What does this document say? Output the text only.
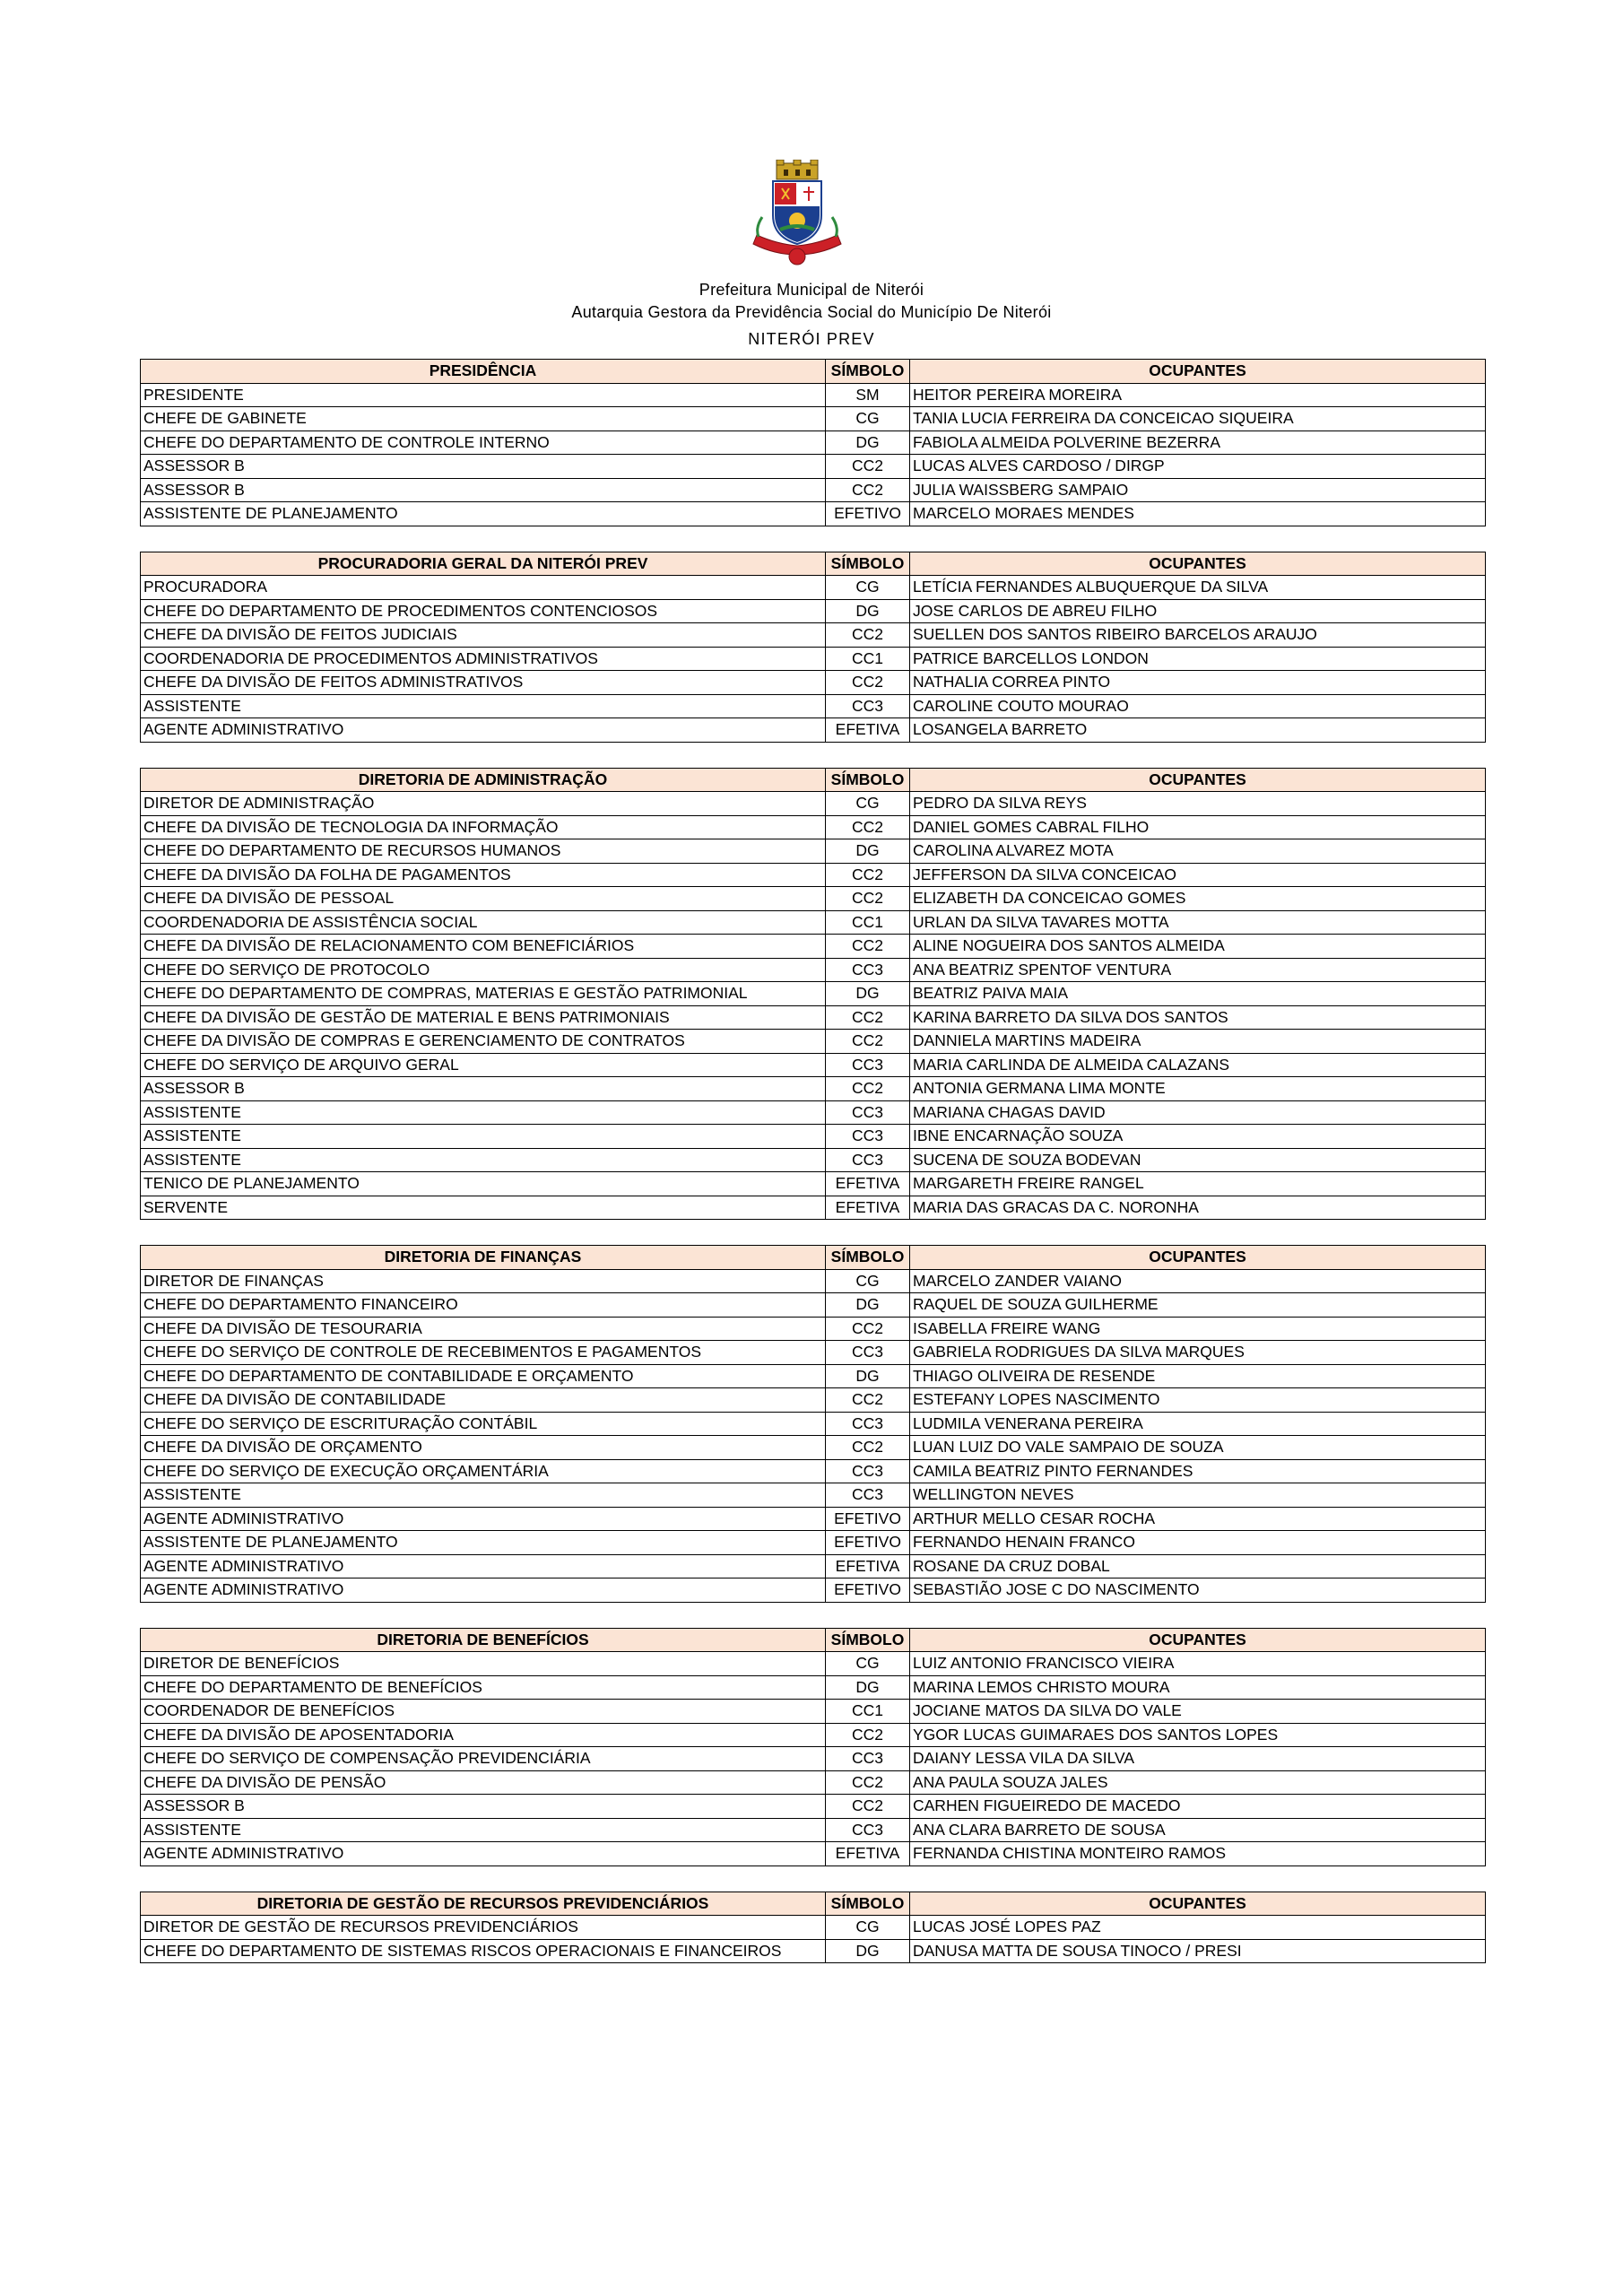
Prefeitura Municipal de Niterói
Autarquia Gestora da Previdência Social do Município De Niterói
NITERÓI PREV
PRESIDÊNCIA	SÍMBOLO	OCUPANTES
PRESIDENTE	SM	HEITOR PEREIRA MOREIRA
CHEFE DE GABINETE	CG	TANIA LUCIA FERREIRA DA CONCEICAO SIQUEIRA
CHEFE DO DEPARTAMENTO DE CONTROLE INTERNO	DG	FABIOLA ALMEIDA POLVERINE BEZERRA
ASSESSOR B	CC2	LUCAS ALVES CARDOSO / DIRGP
ASSESSOR B	CC2	JULIA WAISSBERG SAMPAIO
ASSISTENTE DE PLANEJAMENTO	EFETIVO	MARCELO MORAES MENDES
PROCURADORIA GERAL DA NITERÓI PREV	SÍMBOLO	OCUPANTES
PROCURADORA	CG	LETÍCIA FERNANDES ALBUQUERQUE DA SILVA
CHEFE DO DEPARTAMENTO DE PROCEDIMENTOS CONTENCIOSOS	DG	JOSE CARLOS DE ABREU FILHO
CHEFE DA DIVISÃO DE FEITOS JUDICIAIS	CC2	SUELLEN DOS SANTOS RIBEIRO BARCELOS ARAUJO
COORDENADORIA DE PROCEDIMENTOS ADMINISTRATIVOS	CC1	PATRICE BARCELLOS LONDON
CHEFE DA DIVISÃO DE FEITOS ADMINISTRATIVOS	CC2	NATHALIA CORREA PINTO
ASSISTENTE	CC3	CAROLINE COUTO MOURAO
AGENTE ADMINISTRATIVO	EFETIVA	LOSANGELA BARRETO
DIRETORIA DE ADMINISTRAÇÃO	SÍMBOLO	OCUPANTES
DIRETOR DE ADMINISTRAÇÃO	CG	PEDRO DA SILVA REYS
CHEFE DA DIVISÃO DE TECNOLOGIA DA INFORMAÇÃO	CC2	DANIEL GOMES CABRAL FILHO
CHEFE DO DEPARTAMENTO DE RECURSOS HUMANOS	DG	CAROLINA ALVAREZ MOTA
CHEFE DA DIVISÃO DA FOLHA DE PAGAMENTOS	CC2	JEFFERSON DA SILVA CONCEICAO
CHEFE DA DIVISÃO DE PESSOAL	CC2	ELIZABETH DA CONCEICAO GOMES
COORDENADORIA DE ASSISTÊNCIA SOCIAL	CC1	URLAN DA SILVA TAVARES MOTTA
CHEFE DA DIVISÃO DE RELACIONAMENTO COM BENEFICIÁRIOS	CC2	ALINE NOGUEIRA DOS SANTOS ALMEIDA
CHEFE DO SERVIÇO DE PROTOCOLO	CC3	ANA BEATRIZ SPENTOF VENTURA
CHEFE DO DEPARTAMENTO DE COMPRAS, MATERIAS E GESTÃO PATRIMONIAL	DG	BEATRIZ PAIVA MAIA
CHEFE DA DIVISÃO DE GESTÃO DE MATERIAL E BENS PATRIMONIAIS	CC2	KARINA BARRETO DA SILVA DOS SANTOS
CHEFE DA DIVISÃO DE COMPRAS E GERENCIAMENTO DE CONTRATOS	CC2	DANNIELA MARTINS MADEIRA
CHEFE DO SERVIÇO DE ARQUIVO GERAL	CC3	MARIA CARLINDA DE ALMEIDA CALAZANS
ASSESSOR B	CC2	ANTONIA GERMANA LIMA MONTE
ASSISTENTE	CC3	MARIANA CHAGAS DAVID
ASSISTENTE	CC3	IBNE ENCARNAÇÃO SOUZA
ASSISTENTE	CC3	SUCENA DE SOUZA BODEVAN
TENICO DE PLANEJAMENTO	EFETIVA	MARGARETH FREIRE RANGEL
SERVENTE	EFETIVA	MARIA DAS GRACAS DA C. NORONHA
DIRETORIA DE FINANÇAS	SÍMBOLO	OCUPANTES
DIRETOR DE FINANÇAS	CG	MARCELO ZANDER VAIANO
CHEFE DO DEPARTAMENTO FINANCEIRO	DG	RAQUEL DE SOUZA GUILHERME
CHEFE DA DIVISÃO DE TESOURARIA	CC2	ISABELLA FREIRE WANG
CHEFE DO SERVIÇO DE CONTROLE DE RECEBIMENTOS E PAGAMENTOS	CC3	GABRIELA RODRIGUES DA SILVA MARQUES
CHEFE DO DEPARTAMENTO DE CONTABILIDADE E ORÇAMENTO	DG	THIAGO OLIVEIRA DE RESENDE
CHEFE DA DIVISÃO DE CONTABILIDADE	CC2	ESTEFANY LOPES NASCIMENTO
CHEFE DO SERVIÇO DE ESCRITURAÇÃO CONTÁBIL	CC3	LUDMILA VENERANA PEREIRA
CHEFE DA DIVISÃO DE ORÇAMENTO	CC2	LUAN LUIZ DO VALE SAMPAIO DE SOUZA
CHEFE DO SERVIÇO DE EXECUÇÃO ORÇAMENTÁRIA	CC3	CAMILA BEATRIZ PINTO FERNANDES
ASSISTENTE	CC3	WELLINGTON NEVES
AGENTE ADMINISTRATIVO	EFETIVO	ARTHUR MELLO CESAR ROCHA
ASSISTENTE DE PLANEJAMENTO	EFETIVO	FERNANDO HENAIN FRANCO
AGENTE ADMINISTRATIVO	EFETIVA	ROSANE DA CRUZ DOBAL
AGENTE ADMINISTRATIVO	EFETIVO	SEBASTIÃO JOSE C DO NASCIMENTO
DIRETORIA DE BENEFÍCIOS	SÍMBOLO	OCUPANTES
DIRETOR DE BENEFÍCIOS	CG	LUIZ ANTONIO FRANCISCO VIEIRA
CHEFE DO DEPARTAMENTO DE BENEFÍCIOS	DG	MARINA LEMOS CHRISTO MOURA
COORDENADOR DE BENEFÍCIOS	CC1	JOCIANE MATOS DA SILVA DO VALE
CHEFE DA DIVISÃO DE APOSENTADORIA	CC2	YGOR LUCAS GUIMARAES DOS SANTOS LOPES
CHEFE DO SERVIÇO DE COMPENSAÇÃO PREVIDENCIÁRIA	CC3	DAIANY LESSA VILA DA SILVA
CHEFE DA DIVISÃO DE PENSÃO	CC2	ANA PAULA SOUZA JALES
ASSESSOR B	CC2	CARHEN FIGUEIREDO DE MACEDO
ASSISTENTE	CC3	ANA CLARA BARRETO DE SOUSA
AGENTE ADMINISTRATIVO	EFETIVA	FERNANDA CHISTINA MONTEIRO RAMOS
DIRETORIA DE GESTÃO DE RECURSOS PREVIDENCIÁRIOS	SÍMBOLO	OCUPANTES
DIRETOR DE GESTÃO DE RECURSOS PREVIDENCIÁRIOS	CG	LUCAS JOSÉ LOPES PAZ
CHEFE DO DEPARTAMENTO DE SISTEMAS RISCOS OPERACIONAIS E FINANCEIROS	DG	DANUSA MATTA DE SOUSA TINOCO / PRESI
